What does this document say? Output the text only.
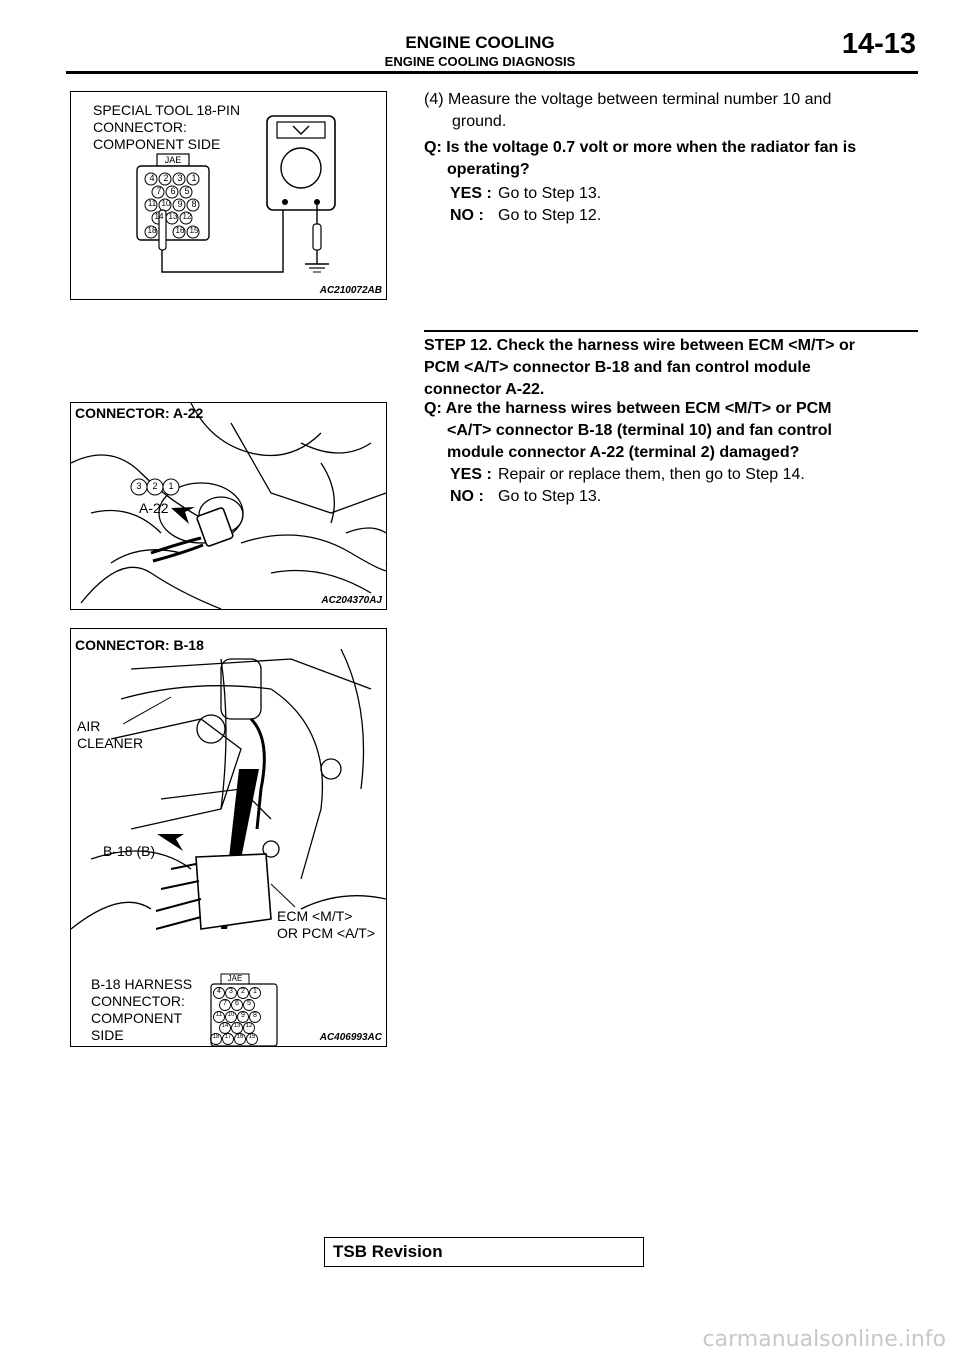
ENGINE COOLING
ENGINE COOLING DIAGNOSIS
14-13
SPECIAL TOOL 18-PIN
CONNECTOR:
COMPONENT SIDE
JAE
4 2 3 1
7 6 5
11 10 9 8
14 13 12
18	16 15
AC210072AB
CONNECTOR: A-22
3	2	1
A-22
AC204370AJ
CONNECTOR: B-18
AIR
CLEANER
B-18 (B)
ECM <M/T>
OR PCM <A/T>
B-18 HARNESS
CONNECTOR:
COMPONENT
SIDE
JAE
4	3	2	1
7	6	5
11 10 9	8
14 13 12
18 17 16 15	AC406993AC
(4) Measure the voltage between terminal number 10 and
ground.
Q: Is the voltage 0.7 volt or more when the radiator fan is
operating?
YES : Go to Step 13.
NO : Go to Step 12.
STEP 12. Check the harness wire between ECM <M/T> or
PCM <A/T> connector B-18 and fan control module
connector A-22.
Q: Are the harness wires between ECM <M/T> or PCM
<A/T> connector B-18 (terminal 10) and fan control
module connector A-22 (terminal 2) damaged?
YES : Repair or replace them, then go to Step 14.
NO : Go to Step 13.
TSB Revision
carmanualsonline.info
